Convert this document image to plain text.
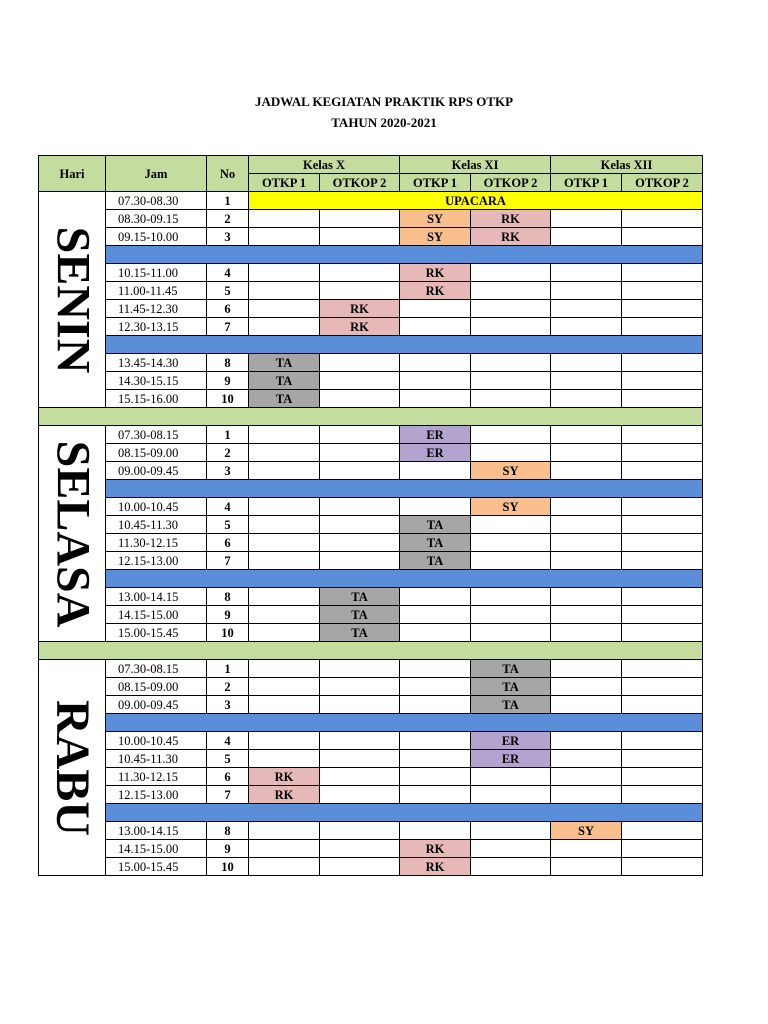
JADWAL KEGIATAN PRAKTIK RPS OTKP
TAHUN 2020-2021
Hari	Jam	No	Kelas X		Kelas XI		Kelas XII	
			OTKP 1	OTKOP 2	OTKP 1	OTKOP 2	OTKP 1	OTKOP 2

SENIN	07.30-08.30	1	UPACARA					
	08.30-09.15	2			SY	RK		
	09.15-10.00	3			SY	RK		

	10.15-11.00	4			RK			
	11.00-11.45	5			RK			
	11.45-12.30	6		RK				
	12.30-13.15	7		RK				

	13.45-14.30	8	TA					
	14.30-15.15	9	TA					
	15.15-16.00	10	TA					

SELASA	07.30-08.15	1			ER			
	08.15-09.00	2			ER			
	09.00-09.45	3				SY		

	10.00-10.45	4				SY		
	10.45-11.30	5			TA			
	11.30-12.15	6			TA			
	12.15-13.00	7			TA			

	13.00-14.15	8		TA				
	14.15-15.00	9		TA				
	15.00-15.45	10		TA				

RABU	07.30-08.15	1				TA		
	08.15-09.00	2				TA		
	09.00-09.45	3				TA		

	10.00-10.45	4				ER		
	10.45-11.30	5				ER		
	11.30-12.15	6	RK					
	12.15-13.00	7	RK					

	13.00-14.15	8					SY	
	14.15-15.00	9			RK			
	15.00-15.45	10			RK			
